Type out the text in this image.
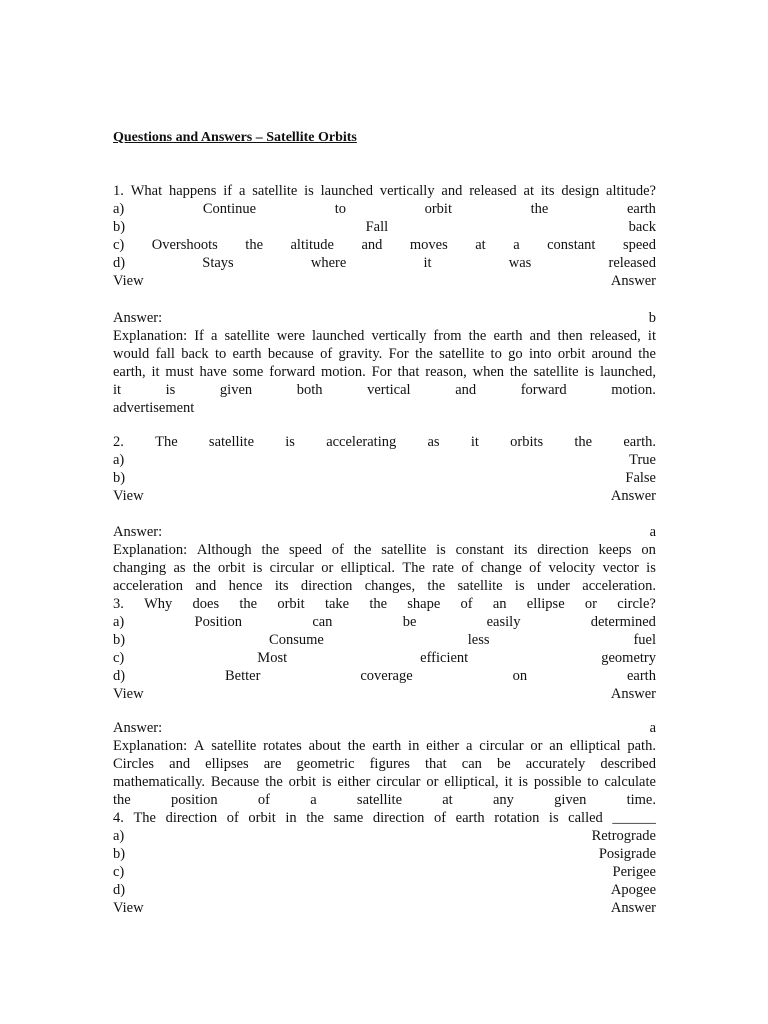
Questions and Answers – Satellite Orbits
1. What happens if a satellite is launched vertically and released at its design altitude?
a)	Continue	to	orbit	the	earth
b)	Fall	back
c) Overshoots the altitude and moves at a constant speed
d)	Stays	where	it	was	released
View	Answer
Answer:	b
Explanation: If a satellite were launched vertically from the earth and then released, it
would fall back to earth because of gravity. For the satellite to go into orbit around the
earth, it must have some forward motion. For that reason, when the satellite is launched,
it	is	given	both	vertical	and	forward	motion.
advertisement
2. The satellite is accelerating as it orbits the earth.
a)	True
b)	False
View	Answer
Answer:	a
Explanation: Although the speed of the satellite is constant its direction keeps on
changing as the orbit is circular or elliptical. The rate of change of velocity vector is
acceleration and hence its direction changes, the satellite is under acceleration.
3. Why does the orbit take the shape of an ellipse or circle?
a)	Position	can	be	easily	determined
b)	Consume	less	fuel
c)	Most	efficient	geometry
d)	Better	coverage	on	earth
View	Answer
Answer:	a
Explanation: A satellite rotates about the earth in either a circular or an elliptical path.
Circles and ellipses are geometric figures that can be accurately described
mathematically. Because the orbit is either circular or elliptical, it is possible to calculate
the	position	of	a	satellite	at	any	given	time.
4. The direction of orbit in the same direction of earth rotation is called ______
a)	Retrograde
b)	Posigrade
c)	Perigee
d)	Apogee
View	Answer
